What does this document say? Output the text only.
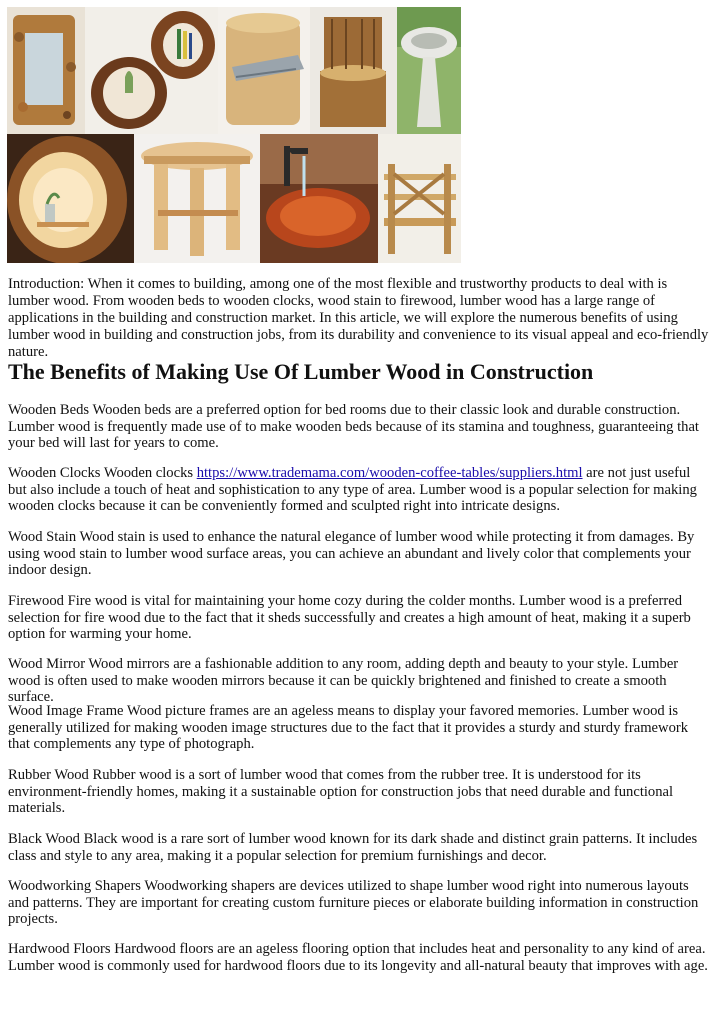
Introduction: When it comes to building, among one of the most flexible and trustworthy products to deal with is lumber wood. From wooden beds to wooden clocks, wood stain to firewood, lumber wood has a large range of applications in the building and construction market. In this article, we will explore the numerous benefits of using lumber wood in building and construction jobs, from its durability and convenience to its visual appeal and eco-friendly nature.

The Benefits of Making Use Of Lumber Wood in Construction

Wooden Beds Wooden beds are a preferred option for bed rooms due to their classic look and durable construction. Lumber wood is frequently made use of to make wooden beds because of its stamina and toughness, guaranteeing that your bed will last for years to come.

Wooden Clocks Wooden clocks https://www.trademama.com/wooden-coffee-tables/suppliers.html are not just useful but also include a touch of heat and sophistication to any type of area. Lumber wood is a popular selection for making wooden clocks because it can be conveniently formed and sculpted right into intricate designs.

Wood Stain Wood stain is used to enhance the natural elegance of lumber wood while protecting it from damages. By using wood stain to lumber wood surface areas, you can achieve an abundant and lively color that complements your indoor design.

Firewood Fire wood is vital for maintaining your home cozy during the colder months. Lumber wood is a preferred selection for fire wood due to the fact that it sheds successfully and creates a high amount of heat, making it a superb option for warming your home.

Wood Mirror Wood mirrors are a fashionable addition to any room, adding depth and beauty to your style. Lumber wood is often used to make wooden mirrors because it can be quickly brightened and finished to create a smooth surface.

Wood Image Frame Wood picture frames are an ageless means to display your favored memories. Lumber wood is generally utilized for making wooden image structures due to the fact that it provides a sturdy and sturdy framework that complements any type of photograph.

Rubber Wood Rubber wood is a sort of lumber wood that comes from the rubber tree. It is understood for its environment-friendly homes, making it a sustainable option for construction jobs that need durable and functional materials.

Black Wood Black wood is a rare sort of lumber wood known for its dark shade and distinct grain patterns. It includes class and style to any area, making it a popular selection for premium furnishings and decor.

Woodworking Shapers Woodworking shapers are devices utilized to shape lumber wood right into numerous layouts and patterns. They are important for creating custom furniture pieces or elaborate building information in construction projects.

Hardwood Floors Hardwood floors are an ageless flooring option that includes heat and personality to any kind of area. Lumber wood is commonly used for hardwood floors due to its longevity and all-natural beauty that improves with age.
